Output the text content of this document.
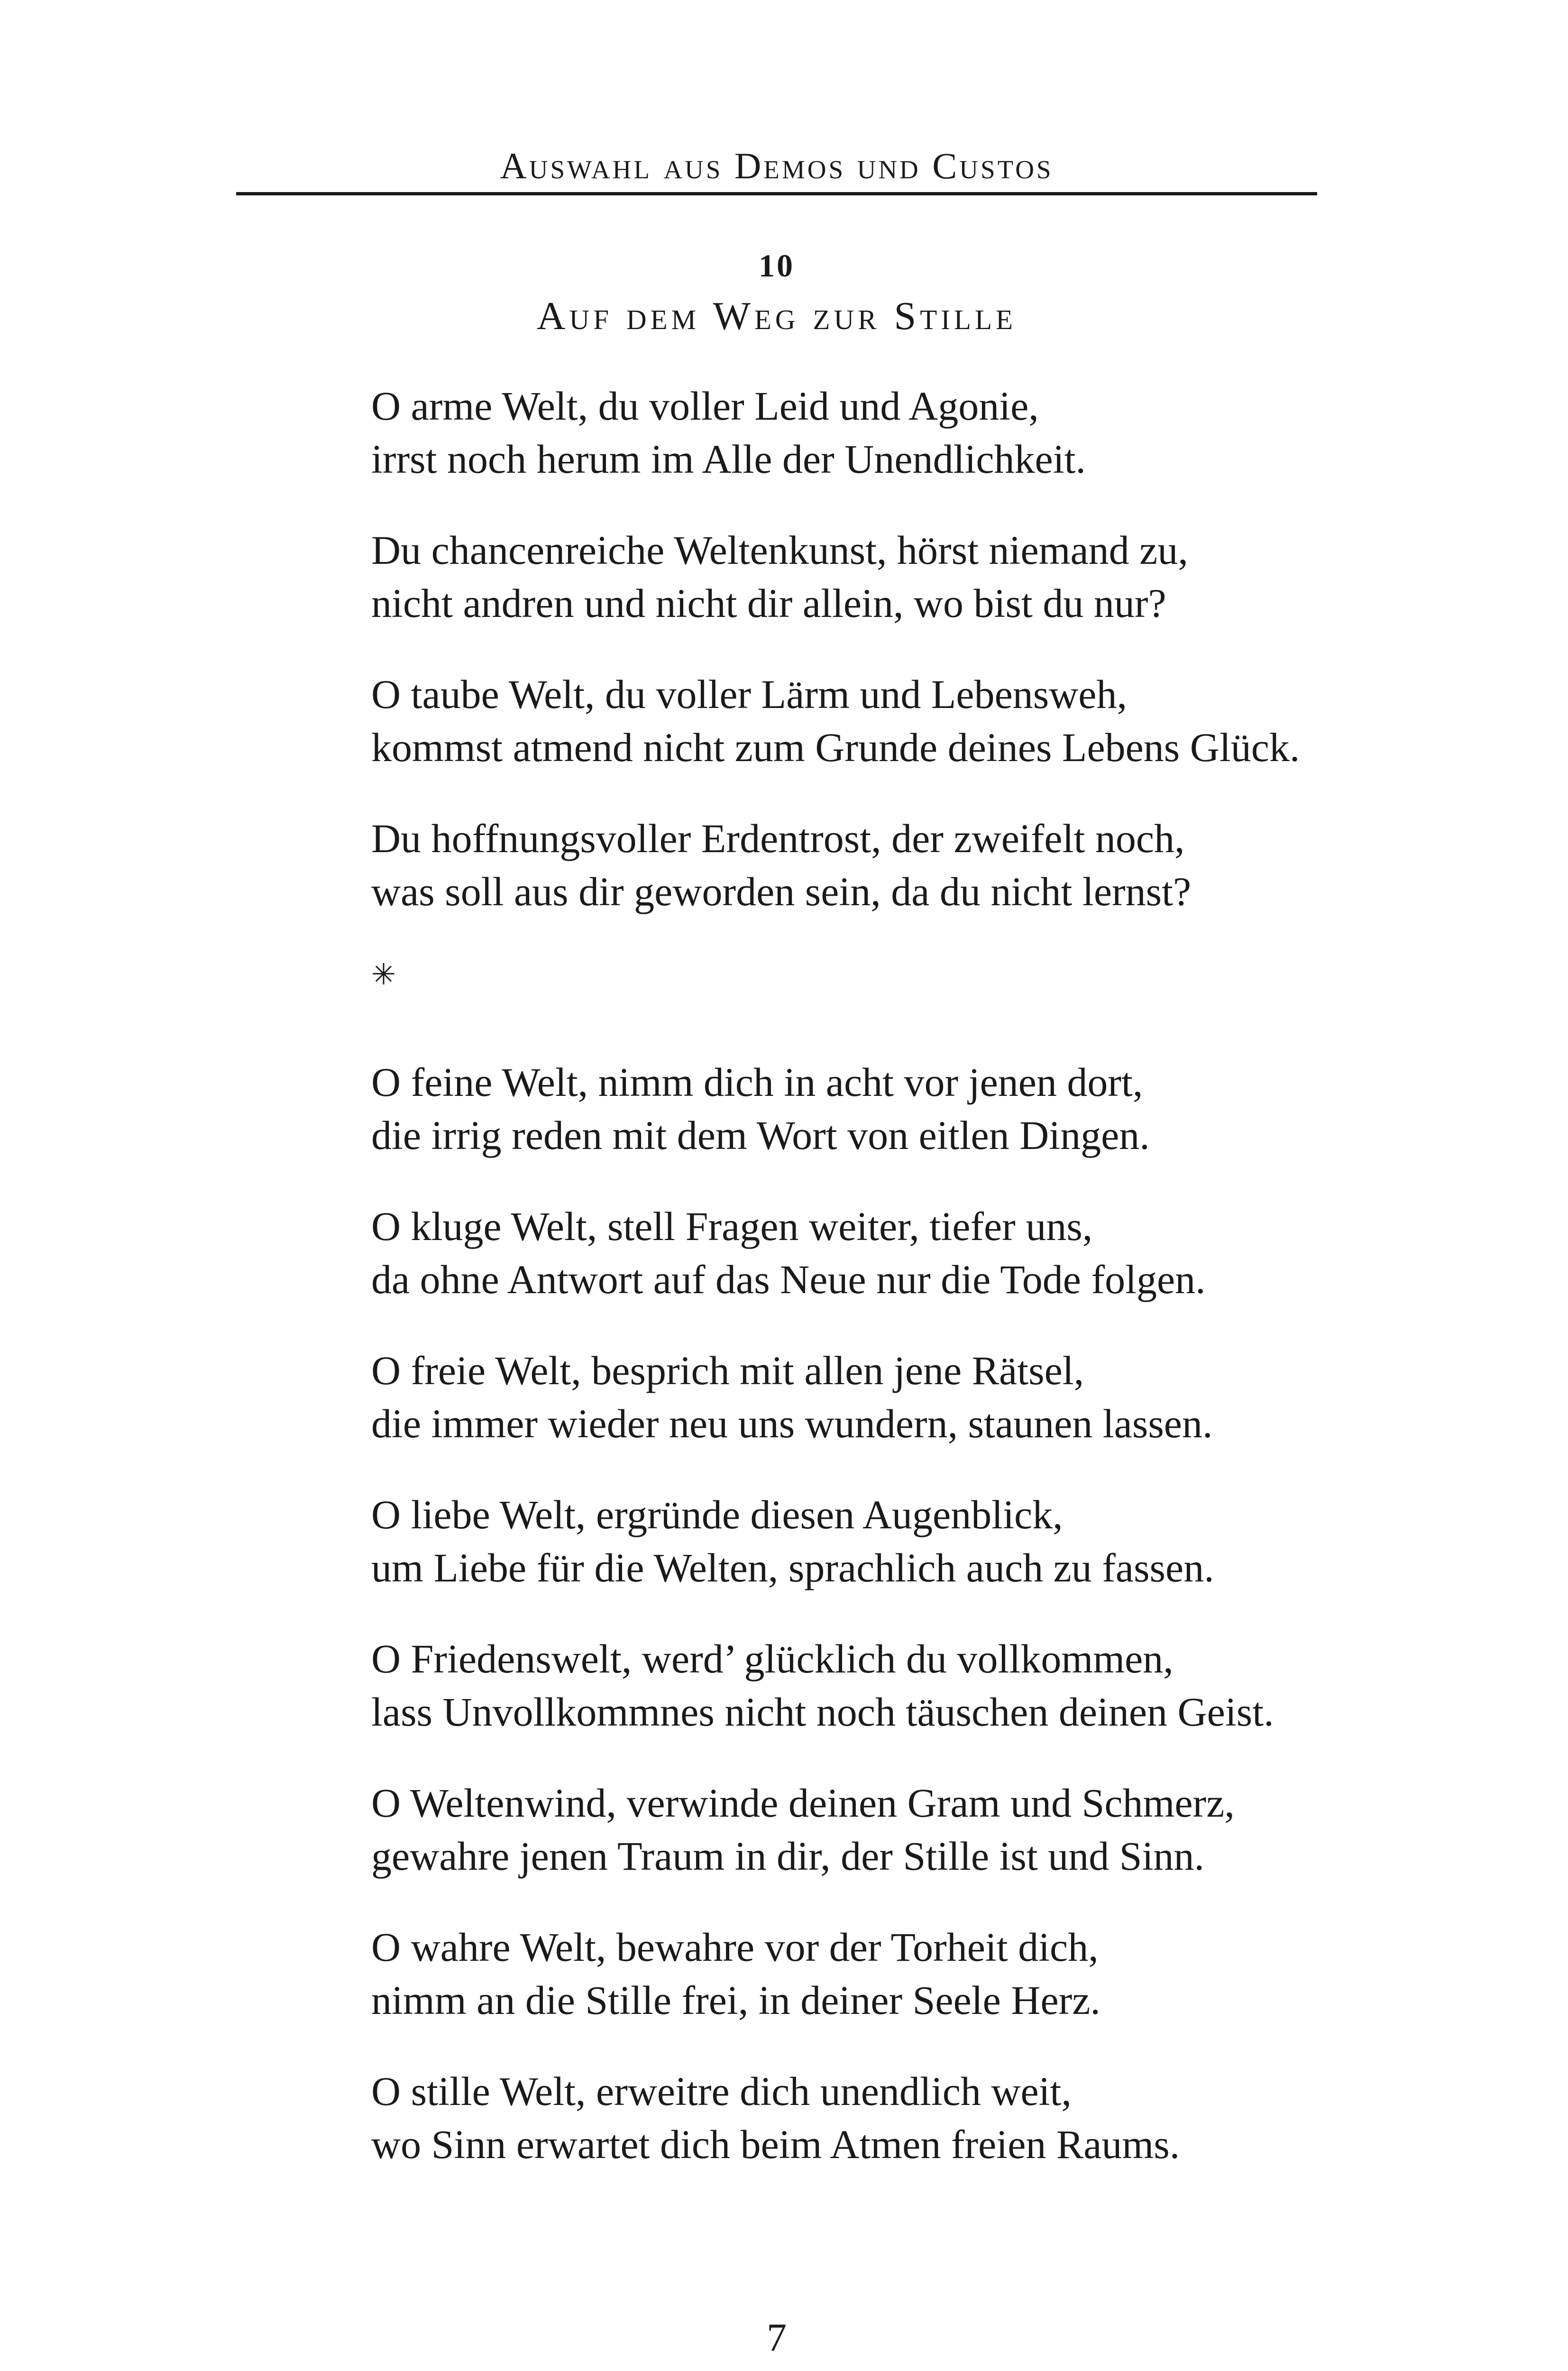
Auswahl aus Demos und Custos
10
Auf dem Weg zur Stille
O arme Welt, du voller Leid und Agonie,
irrst noch herum im Alle der Unendlichkeit.
Du chancenreiche Weltenkunst, hörst niemand zu,
nicht andren und nicht dir allein, wo bist du nur?
O taube Welt, du voller Lärm und Lebensweh,
kommst atmend nicht zum Grunde deines Lebens Glück.
Du hoffnungsvoller Erdentrost, der zweifelt noch,
was soll aus dir geworden sein, da du nicht lernst?
✳
O feine Welt, nimm dich in acht vor jenen dort,
die irrig reden mit dem Wort von eitlen Dingen.
O kluge Welt, stell Fragen weiter, tiefer uns,
da ohne Antwort auf das Neue nur die Tode folgen.
O freie Welt, besprich mit allen jene Rätsel,
die immer wieder neu uns wundern, staunen lassen.
O liebe Welt, ergründe diesen Augenblick,
um Liebe für die Welten, sprachlich auch zu fassen.
O Friedenswelt, werd’ glücklich du vollkommen,
lass Unvollkommnes nicht noch täuschen deinen Geist.
O Weltenwind, verwinde deinen Gram und Schmerz,
gewahre jenen Traum in dir, der Stille ist und Sinn.
O wahre Welt, bewahre vor der Torheit dich,
nimm an die Stille frei, in deiner Seele Herz.
O stille Welt, erweitre dich unendlich weit,
wo Sinn erwartet dich beim Atmen freien Raums.
7
